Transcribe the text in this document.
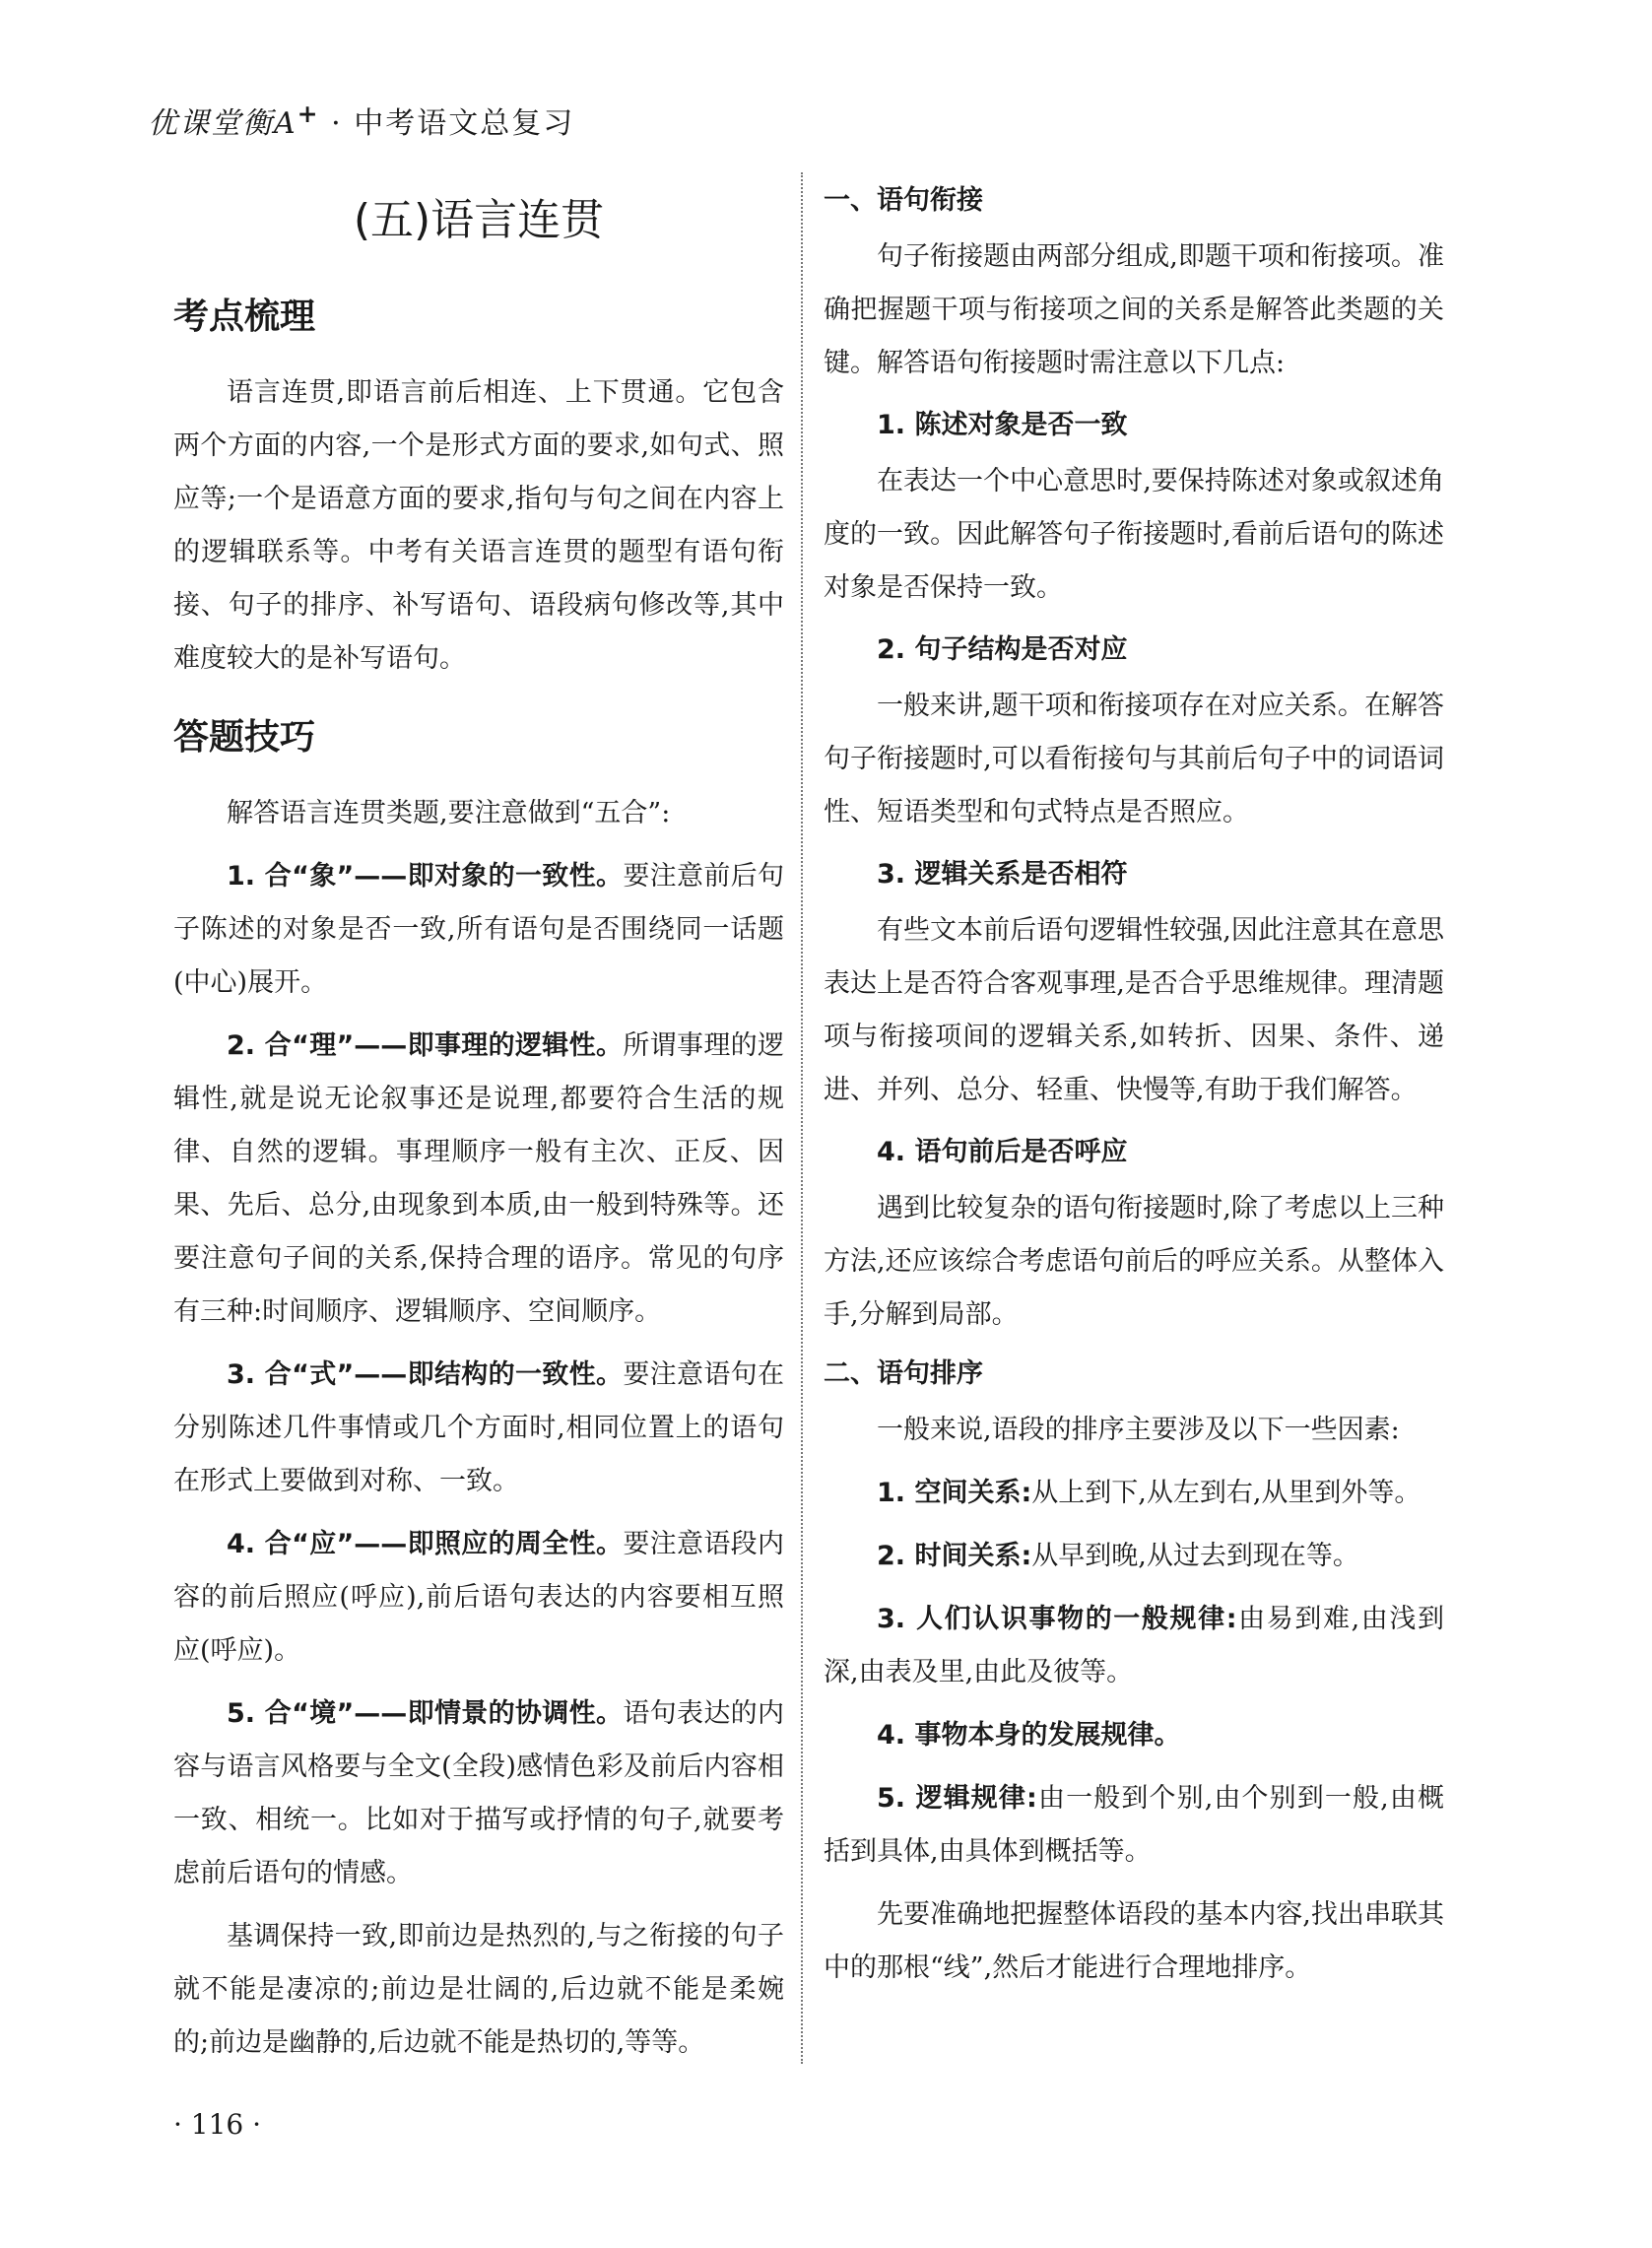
优课堂衡A+ · 中考语文总复习
(五)语言连贯
考点梳理

语言连贯,即语言前后相连、上下贯通。它包含两个方面的内容,一个是形式方面的要求,如句式、照应等;一个是语意方面的要求,指句与句之间在内容上的逻辑联系等。中考有关语言连贯的题型有语句衔接、句子的排序、补写语句、语段病句修改等,其中难度较大的是补写语句。

答题技巧

解答语言连贯类题,要注意做到“五合”:

1. 合“象”——即对象的一致性。要注意前后句子陈述的对象是否一致,所有语句是否围绕同一话题(中心)展开。

2. 合“理”——即事理的逻辑性。所谓事理的逻辑性,就是说无论叙事还是说理,都要符合生活的规律、自然的逻辑。事理顺序一般有主次、正反、因果、先后、总分,由现象到本质,由一般到特殊等。还要注意句子间的关系,保持合理的语序。常见的句序有三种:时间顺序、逻辑顺序、空间顺序。

3. 合“式”——即结构的一致性。要注意语句在分别陈述几件事情或几个方面时,相同位置上的语句在形式上要做到对称、一致。

4. 合“应”——即照应的周全性。要注意语段内容的前后照应(呼应),前后语句表达的内容要相互照应(呼应)。

5. 合“境”——即情景的协调性。语句表达的内容与语言风格要与全文(全段)感情色彩及前后内容相一致、相统一。比如对于描写或抒情的句子,就要考虑前后语句的情感。

基调保持一致,即前边是热烈的,与之衔接的句子就不能是凄凉的;前边是壮阔的,后边就不能是柔婉的;前边是幽静的,后边就不能是热切的,等等。

一、语句衔接

句子衔接题由两部分组成,即题干项和衔接项。准确把握题干项与衔接项之间的关系是解答此类题的关键。解答语句衔接题时需注意以下几点:

1. 陈述对象是否一致

在表达一个中心意思时,要保持陈述对象或叙述角度的一致。因此解答句子衔接题时,看前后语句的陈述对象是否保持一致。

2. 句子结构是否对应

一般来讲,题干项和衔接项存在对应关系。在解答句子衔接题时,可以看衔接句与其前后句子中的词语词性、短语类型和句式特点是否照应。

3. 逻辑关系是否相符

有些文本前后语句逻辑性较强,因此注意其在意思表达上是否符合客观事理,是否合乎思维规律。理清题项与衔接项间的逻辑关系,如转折、因果、条件、递进、并列、总分、轻重、快慢等,有助于我们解答。

4. 语句前后是否呼应

遇到比较复杂的语句衔接题时,除了考虑以上三种方法,还应该综合考虑语句前后的呼应关系。从整体入手,分解到局部。

二、语句排序

一般来说,语段的排序主要涉及以下一些因素:

1. 空间关系:从上到下,从左到右,从里到外等。

2. 时间关系:从早到晚,从过去到现在等。

3. 人们认识事物的一般规律:由易到难,由浅到深,由表及里,由此及彼等。

4. 事物本身的发展规律。

5. 逻辑规律:由一般到个别,由个别到一般,由概括到具体,由具体到概括等。

先要准确地把握整体语段的基本内容,找出串联其中的那根“线”,然后才能进行合理地排序。

· 116 ·
